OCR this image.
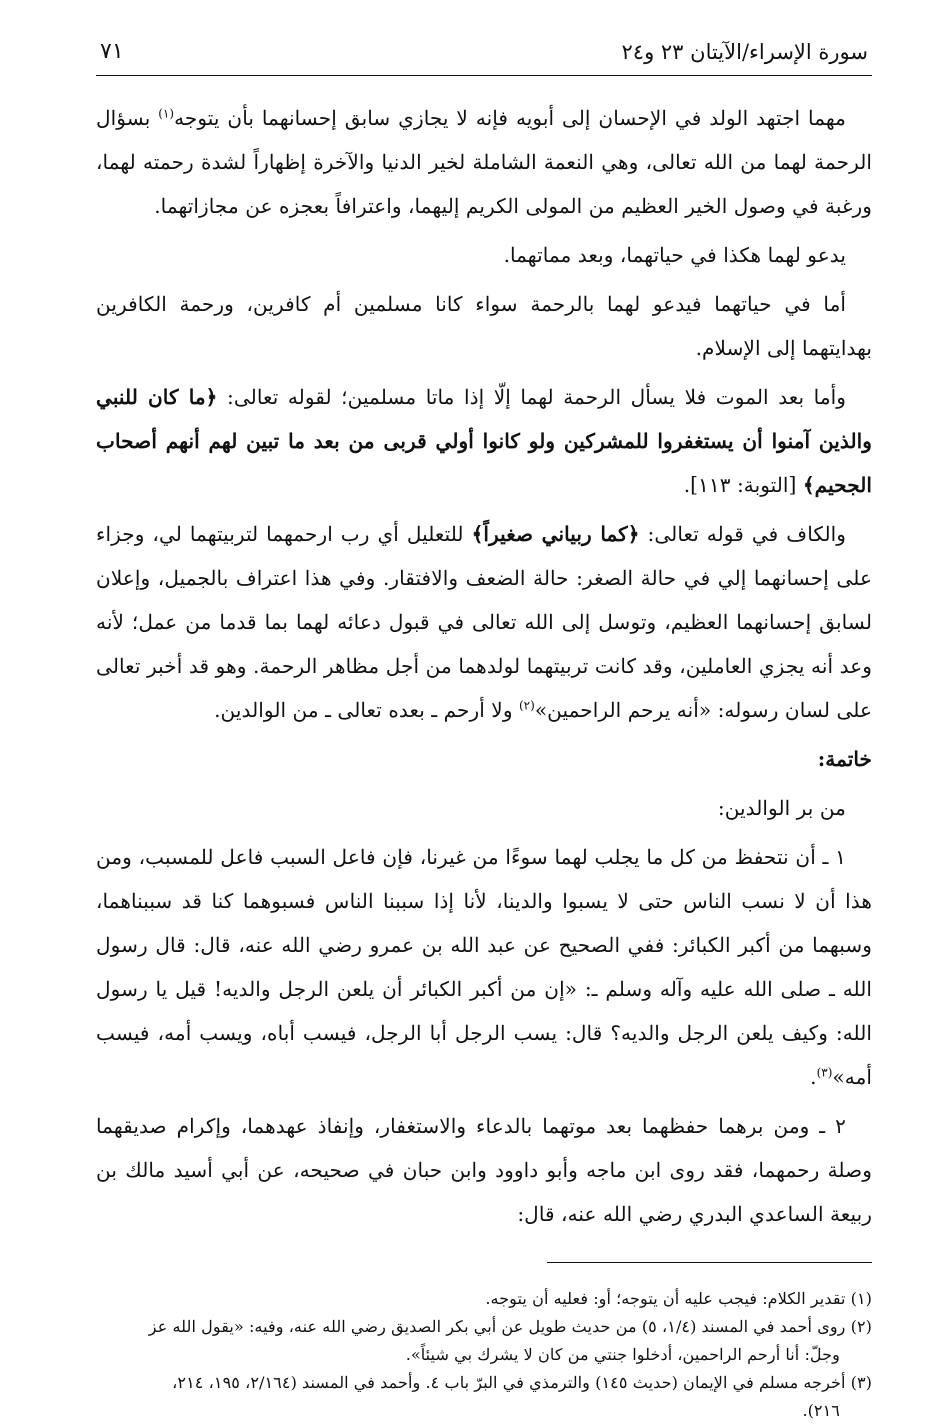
سورة الإسراء/الآيتان ٢٣ و٢٤
٧١

مهما اجتهد الولد في الإحسان إلى أبويه فإنه لا يجازي سابق إحسانهما بأن يتوجه$^{(١)}$ بسؤال الرحمة لهما من الله تعالى، وهي النعمة الشاملة لخير الدنيا والآخرة إظهاراً لشدة رحمته لهما، ورغبة في وصول الخير العظيم من المولى الكريم إليهما، واعترافاً بعجزه عن مجازاتهما.

يدعو لهما هكذا في حياتهما، وبعد مماتهما.

أما في حياتهما فيدعو لهما بالرحمة سواء كانا مسلمين أم كافرين، ورحمة الكافرين بهدايتهما إلى الإسلام.

وأما بعد الموت فلا يسأل الرحمة لهما إلّا إذا ماتا مسلمين؛ لقوله تعالى: ﴿ما كان للنبي والذين آمنوا أن يستغفروا للمشركين ولو كانوا أولي قربى من بعد ما تبين لهم أنهم أصحاب الجحيم﴾ [التوبة: ١١٣].

والكاف في قوله تعالى: ﴿كما ربياني صغيراً﴾ للتعليل أي رب ارحمهما لتربيتهما لي، وجزاء على إحسانهما إلي في حالة الصغر: حالة الضعف والافتقار. وفي هذا اعتراف بالجميل، وإعلان لسابق إحسانهما العظيم، وتوسل إلى الله تعالى في قبول دعائه لهما بما قدما من عمل؛ لأنه وعد أنه يجزي العاملين، وقد كانت تربيتهما لولدهما من أجل مظاهر الرحمة. وهو قد أخبر تعالى على لسان رسوله: «أنه يرحم الراحمين»$^{(٢)}$ ولا أرحم ـ بعده تعالى ـ من الوالدين.

خاتمة:

من بر الوالدين:

١ ـ أن نتحفظ من كل ما يجلب لهما سوءًا من غيرنا، فإن فاعل السبب فاعل للمسبب، ومن هذا أن لا نسب الناس حتى لا يسبوا والدينا، لأنا إذا سببنا الناس فسبوهما كنا قد سببناهما، وسبهما من أكبر الكبائر: ففي الصحيح عن عبد الله بن عمرو رضي الله عنه، قال: قال رسول الله ـ صلى الله عليه وآله وسلم ـ: «إن من أكبر الكبائر أن يلعن الرجل والديه! قيل يا رسول الله: وكيف يلعن الرجل والديه؟ قال: يسب الرجل أبا الرجل، فيسب أباه، ويسب أمه، فيسب أمه»$^{(٣)}$.

٢ ـ ومن برهما حفظهما بعد موتهما بالدعاء والاستغفار، وإنفاذ عهدهما، وإكرام صديقهما وصلة رحمهما، فقد روى ابن ماجه وأبو داوود وابن حبان في صحيحه، عن أبي أسيد مالك بن ربيعة الساعدي البدري رضي الله عنه، قال:

(١) تقدير الكلام: فيجب عليه أن يتوجه؛ أو: فعليه أن يتوجه.

(٢) روى أحمد في المسند (١/٤، ٥) من حديث طويل عن أبي بكر الصديق رضي الله عنه، وفيه: «يقول الله عز

وجلّ: أنا أرحم الراحمين، أدخلوا جنتي من كان لا يشرك بي شيئاً».

(٣) أخرجه مسلم في الإيمان (حديث ١٤٥) والترمذي في البرّ باب ٤. وأحمد في المسند (٢/١٦٤، ١٩٥، ٢١٤،

٢١٦).
